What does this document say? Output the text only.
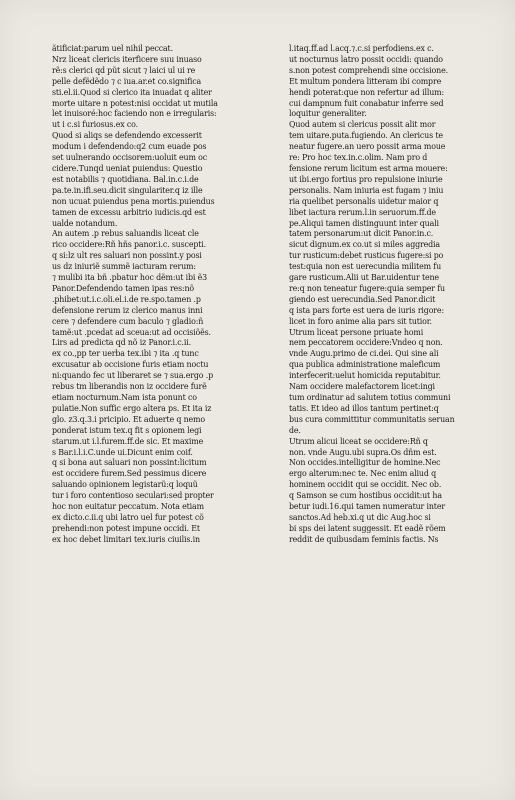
ãtificiat:parum uel nihil peccat.
Nrz liceat clericis iterficere suu inuaso
rẽ:s clerici qd pũt sicut ⁊ laici ul ui re
pelle defẽdẽdo ⁊ c iua.ar.et co.significa
sti.el.ii.Quod si clerico ita inuadat q aliter
morte uitare n potest:nisi occidat ut mutila
let inuisoré:hoc faciendo non e irregularis:
ut i c.si furiosus.ex co.
Quod si aliqs se defendendo excesserit
modum i defendendo:q2 cum euade pos
set uulnerando occisorem:uoluit eum oc
cidere.Tunqd ueniat puiendus: Questio
est notabilis ⁊ quotidiana. Bal.in.c.i.de
pa.te.in.ifi.seu.dicit singulariter.q iz ille
non ucuat puiendus pena mortis.puiendus
tamen de excessu arbitrio iudicis.qd est
ualde notandum.
An autem .p rebus saluandis liceat cle
rico occidere:Rñ hñs panor.i.c. suscepti.
q si:lz ult res saluari non possint.y posi
us dz iniuriẽ summẽ iacturam rerum:
⁊ mulibi ita bñ .pbatur hoc dẽm:ut ibi ẽ3
Panor.Defendendo tamen ipas res:nõ
.phibet:ut.i.c.oli.el.i.de re.spo.tamen .p
defensione rerum iz clerico manus inni
cere ⁊ defendere cum baculo ⁊ gladio:ñ
tamẽ:ut .pcedat ad sceua:ut ad occisiõẽs.
Lirs ad predicta qd nõ iz Panor.i.c.ii.
ex co.,pp ter uerba tex.ibi ⁊ ita .q tunc
excusatur ab occisione furis etiam noctu
ni:quando fec ut liberaret se ⁊ sua.ergo .p
rebus tm liberandis non iz occidere furẽ
etiam nocturnum.Nam ista ponunt co
pulatie.Non suffic ergo altera ps. Et ita iz
glo. z3.q.3.i pricipio. Et aduerte q nemo
ponderat istum tex.q fit s opionem legi
starum.ut i.l.furem.ff.de sic. Et maxime
s Bar.i.l.i.C.unde ui.Dicunt enim coif.
q si bona aut saluari non possint:licitum
est occidere furem.Sed pessimus dicere
saluando opinionem legistarũ:q loquũ
tur i foro contentioso seculari:sed propter
hoc non euitatur peccatum. Nota etiam
ex dicto.c.ii.q ubi latro uel fur potest cõ
prehendi:non potest impune occidi. Et
ex hoc debet limitari tex.iuris ciuilis.in
l.itaq.ff.ad l.acq.⁊.c.si perfodiens.ex c.
ut nocturnus latro possit occidi: quando
s.non potest comprehendi sine occisione.
Et multum pondera litteram ibi compre
hendi poterat:que non refertur ad illum:
cui dampnum fuit conabatur inferre sed
loquitur generaliter.
Quod autem si clericus possit alit mor
tem uitare.puta.fugiendo. An clericus te
neatur fugere.an uero possit arma moue
re: Pro hoc tex.in.c.olim. Nam pro d
fensione rerum licitum est arma mouere:
ut ibi.ergo fortius pro repulsione iniurie
personalis. Nam iniuria est fugam ⁊ iniu
ria quelibet personalis uidetur maior q
libet iactura rerum.l.in seruorum.ff.de
pe.Aliqui tamen distinguunt inter quali
tatem personarum:ut dicit Panor.in.c.
sicut dignum.ex co.ut si miles aggredia
tur rusticum:debet rusticus fugere:si po
test:quia non est uerecundia militem fu
gare rusticum.Alii ut Bar.uidentur tene
re:q non teneatur fugere:quia semper fu
giendo est uerecundia.Sed Panor.dicit
q ista pars forte est uera de iuris rigore:
licet in foro anime alia pars sit tutior.
Utrum liceat persone priuate homi
nem peccatorem occidere:Vndeo q non.
vnde Augu.primo de ci.dei. Qui sine ali
qua publica administratione maleficum
interfecerit:uelut homicida reputabitur.
Nam occidere malefactorem licet:ingi
tum ordinatur ad salutem totius communi
tatis. Et ideo ad illos tantum pertinet:q
bus cura committitur communitatis seruan
de.
Utrum alicui liceat se occidere:Rñ q
non. vnde Augu.ubi supra.Os dñm est.
Non occides.intelligitur de homine.Nec
ergo alterum:nec te. Nec enim aliud q
hominem occidit qui se occidit. Nec ob.
q Samson se cum hostibus occidit:ut ha
betur iudi.16.qui tamen numeratur inter
sanctos.Ad heb.xi.q ut dic Aug.hoc si
bi sps dei latent suggessit. Et eadẽ rõem
reddit de quibusdam feminis factis. Ns
